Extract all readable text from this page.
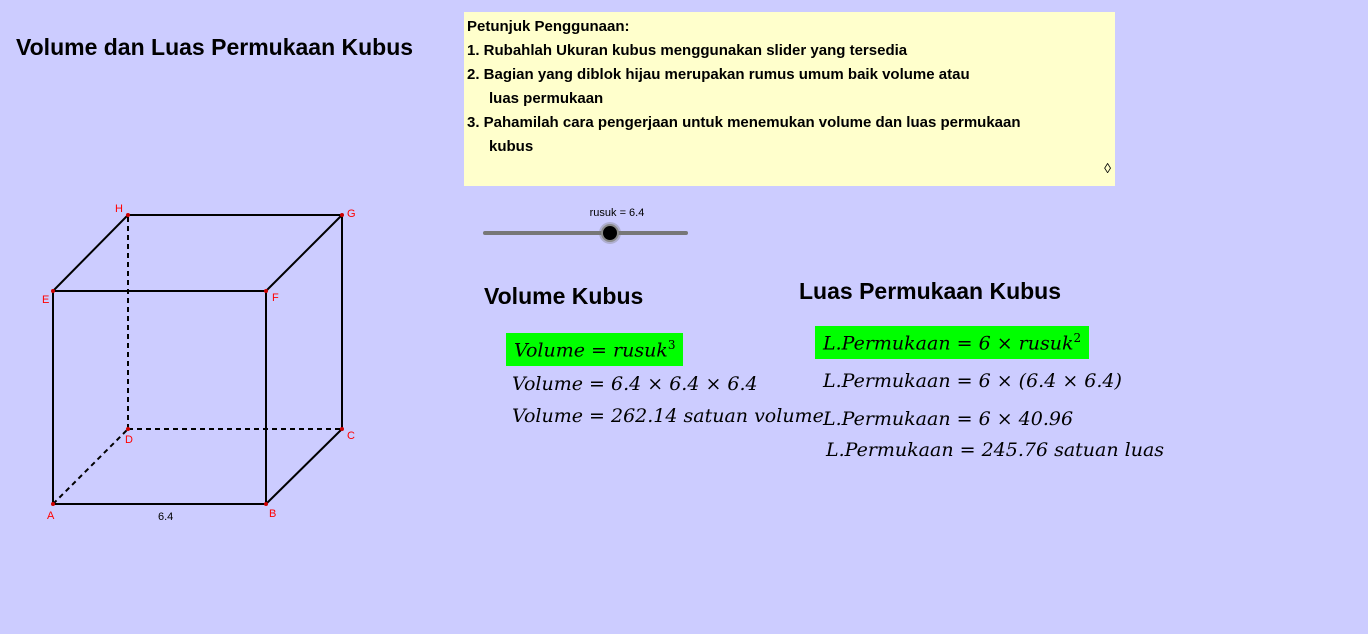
Volume dan Luas Permukaan Kubus
Petunjuk Penggunaan:
1. Rubahlah Ukuran kubus menggunakan slider yang tersedia
2. Bagian yang diblok hijau merupakan rumus umum baik volume atau
luas permukaan
3. Pahamilah cara pengerjaan untuk menemukan volume dan luas permukaan
kubus
◊
rusuk = 6.4
A	B
C
D
E	F
G
H
6.4
Volume Kubus
Volume = rusuk$^3$
Volume = 6.4 × 6.4 × 6.4
Volume = 262.14 satuan volume
Luas Permukaan Kubus
L.Permukaan = 6 × rusuk$^2$
L.Permukaan = 6 × (6.4 × 6.4)
L.Permukaan = 6 × 40.96
L.Permukaan = 245.76 satuan luas
